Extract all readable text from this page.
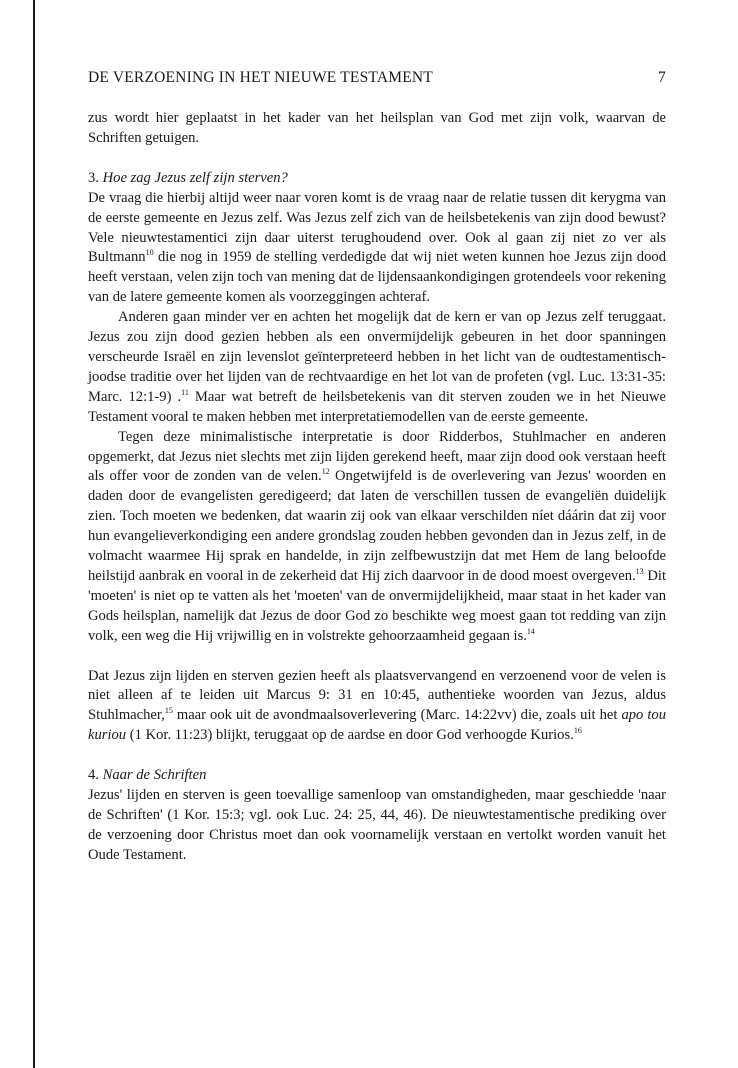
DE VERZOENING IN HET NIEUWE TESTAMENT	7

zus wordt hier geplaatst in het kader van het heilsplan van God met zijn volk, waarvan de Schriften getuigen.

3. Hoe zag Jezus zelf zijn sterven?

De vraag die hierbij altijd weer naar voren komt is de vraag naar de relatie tussen dit kerygma van de eerste gemeente en Jezus zelf. Was Jezus zelf zich van de heilsbetekenis van zijn dood bewust? Vele nieuwtestamentici zijn daar uiterst terughoudend over. Ook al gaan zij niet zo ver als Bultmann$^{10}$ die nog in 1959 de stelling verdedigde dat wij niet weten kunnen hoe Jezus zijn dood heeft verstaan, velen zijn toch van mening dat de lijdensaankondigingen grotendeels voor rekening van de latere gemeente komen als voorzeggingen achteraf.

Anderen gaan minder ver en achten het mogelijk dat de kern er van op Jezus zelf teruggaat. Jezus zou zijn dood gezien hebben als een onvermijdelijk gebeuren in het door spanningen verscheurde Israël en zijn levenslot geïnterpreteerd hebben in het licht van de oudtestamentisch-joodse traditie over het lijden van de rechtvaardige en het lot van de profeten (vgl. Luc. 13:31-35: Marc. 12:1-9) .$^{11}$ Maar wat betreft de heilsbetekenis van dit sterven zouden we in het Nieuwe Testament vooral te maken hebben met interpretatiemodellen van de eerste gemeente.

Tegen deze minimalistische interpretatie is door Ridderbos, Stuhlmacher en anderen opgemerkt, dat Jezus niet slechts met zijn lijden gerekend heeft, maar zijn dood ook verstaan heeft als offer voor de zonden van de velen.$^{12}$ Ongetwijfeld is de overlevering van Jezus' woorden en daden door de evangelisten geredigeerd; dat laten de verschillen tussen de evangeliën duidelijk zien. Toch moeten we bedenken, dat waarin zij ook van elkaar verschilden níet dáárin dat zij voor hun evangelieverkondiging een andere grondslag zouden hebben gevonden dan in Jezus zelf, in de volmacht waarmee Hij sprak en handelde, in zijn zelfbewustzijn dat met Hem de lang beloofde heilstijd aanbrak en vooral in de zekerheid dat Hij zich daarvoor in de dood moest overgeven.$^{13}$ Dit 'moeten' is niet op te vatten als het 'moeten' van de onvermijdelijkheid, maar staat in het kader van Gods heilsplan, namelijk dat Jezus de door God zo beschikte weg moest gaan tot redding van zijn volk, een weg die Hij vrijwillig en in volstrekte gehoorzaamheid gegaan is.$^{14}$

Dat Jezus zijn lijden en sterven gezien heeft als plaatsvervangend en verzoenend voor de velen is niet alleen af te leiden uit Marcus 9: 31 en 10:45, authentieke woorden van Jezus, aldus Stuhlmacher,$^{15}$ maar ook uit de avondmaalsoverlevering (Marc. 14:22vv) die, zoals uit het apo tou kuriou (1 Kor. 11:23) blijkt, teruggaat op de aardse en door God verhoogde Kurios.$^{16}$

4. Naar de Schriften

Jezus' lijden en sterven is geen toevallige samenloop van omstandigheden, maar geschiedde 'naar de Schriften' (1 Kor. 15:3; vgl. ook Luc. 24: 25, 44, 46). De nieuwtestamentische prediking over de verzoening door Christus moet dan ook voornamelijk verstaan en vertolkt worden vanuit het Oude Testament.
